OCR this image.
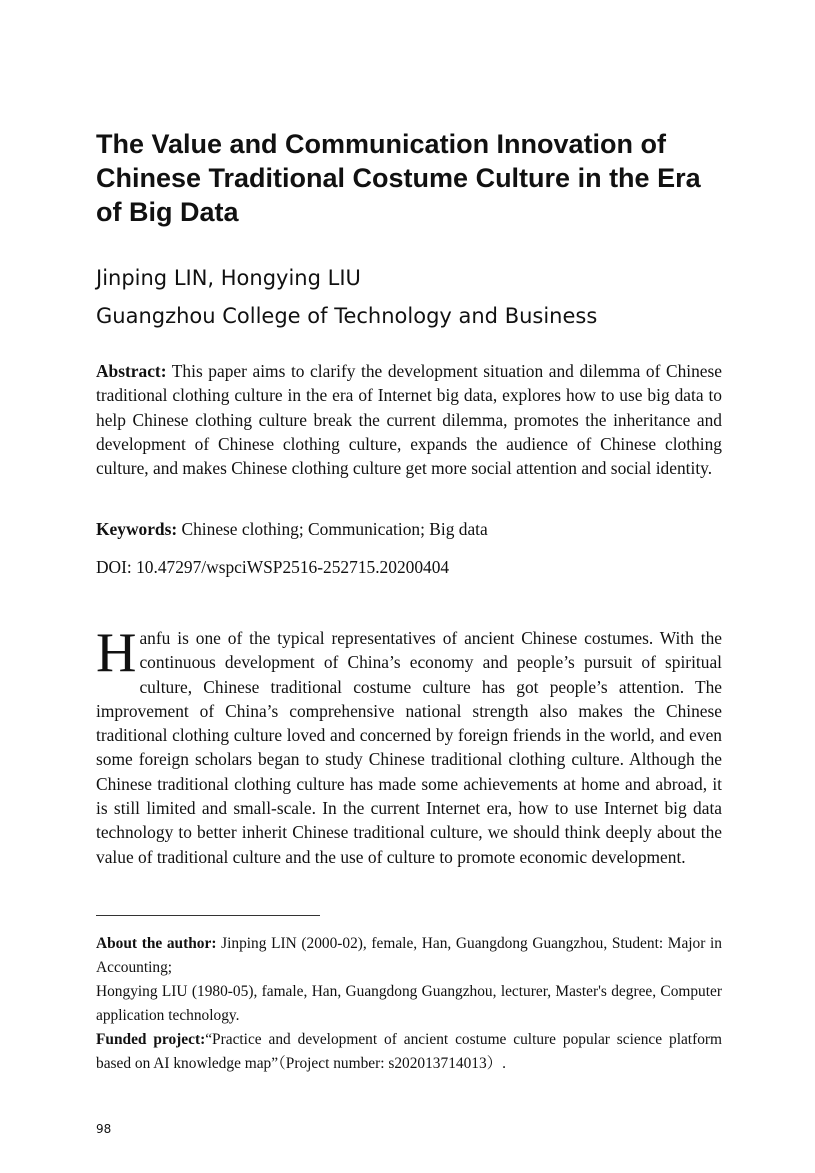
The Value and Communication Innovation of Chinese Traditional Costume Culture in the Era of Big Data

Jinping LIN, Hongying LIU

Guangzhou College of Technology and Business

Abstract: This paper aims to clarify the development situation and dilemma of Chinese traditional clothing culture in the era of Internet big data, explores how to use big data to help Chinese clothing culture break the current dilemma, promotes the inheritance and development of Chinese clothing culture, expands the audience of Chinese clothing culture, and makes Chinese clothing culture get more social attention and social identity.

Keywords: Chinese clothing; Communication; Big data

DOI: 10.47297/wspciWSP2516-252715.20200404

Hanfu is one of the typical representatives of ancient Chinese costumes. With the continuous development of China’s economy and people’s pursuit of spiritual culture, Chinese traditional costume culture has got people’s attention. The improvement of China’s comprehensive national strength also makes the Chinese traditional clothing culture loved and concerned by foreign friends in the world, and even some foreign scholars began to study Chinese traditional clothing culture. Although the Chinese traditional clothing culture has made some achievements at home and abroad, it is still limited and small-scale. In the current Internet era, how to use Internet big data technology to better inherit Chinese traditional culture, we should think deeply about the value of traditional culture and the use of culture to promote economic development.

About the author: Jinping LIN (2000-02), female, Han, Guangdong Guangzhou, Student: Major in Accounting;

Hongying LIU (1980-05), famale, Han, Guangdong Guangzhou, lecturer, Master's degree, Computer application technology.

Funded project:“Practice and development of ancient costume culture popular science platform based on AI knowledge map”（Project number: s202013714013）.

98
